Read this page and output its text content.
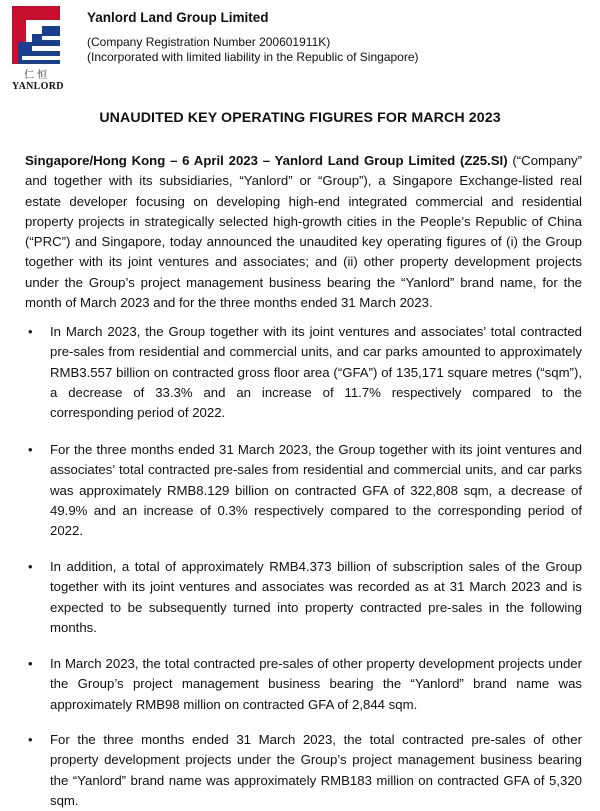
仁恒
YANLORD
Yanlord Land Group Limited
(Company Registration Number 200601911K)
(Incorporated with limited liability in the Republic of Singapore)
UNAUDITED KEY OPERATING FIGURES FOR MARCH 2023

Singapore/Hong Kong – 6 April 2023 – Yanlord Land Group Limited (Z25.SI) (“Company” and together with its subsidiaries, “Yanlord” or “Group”), a Singapore Exchange-listed real estate developer focusing on developing high-end integrated commercial and residential property projects in strategically selected high-growth cities in the People’s Republic of China (“PRC”) and Singapore, today announced the unaudited key operating figures of (i) the Group together with its joint ventures and associates; and (ii) other property development projects under the Group’s project management business bearing the “Yanlord” brand name, for the month of March 2023 and for the three months ended 31 March 2023.

• In March 2023, the Group together with its joint ventures and associates’ total contracted pre-sales from residential and commercial units, and car parks amounted to approximately RMB3.557 billion on contracted gross floor area (“GFA”) of 135,171 square metres (“sqm”), a decrease of 33.3% and an increase of 11.7% respectively compared to the corresponding period of 2022.

• For the three months ended 31 March 2023, the Group together with its joint ventures and associates’ total contracted pre-sales from residential and commercial units, and car parks was approximately RMB8.129 billion on contracted GFA of 322,808 sqm, a decrease of 49.9% and an increase of 0.3% respectively compared to the corresponding period of 2022.

• In addition, a total of approximately RMB4.373 billion of subscription sales of the Group together with its joint ventures and associates was recorded as at 31 March 2023 and is expected to be subsequently turned into property contracted pre-sales in the following months.

• In March 2023, the total contracted pre-sales of other property development projects under the Group’s project management business bearing the “Yanlord” brand name was approximately RMB98 million on contracted GFA of 2,844 sqm.

• For the three months ended 31 March 2023, the total contracted pre-sales of other property development projects under the Group’s project management business bearing the “Yanlord” brand name was approximately RMB183 million on contracted GFA of 5,320 sqm.
